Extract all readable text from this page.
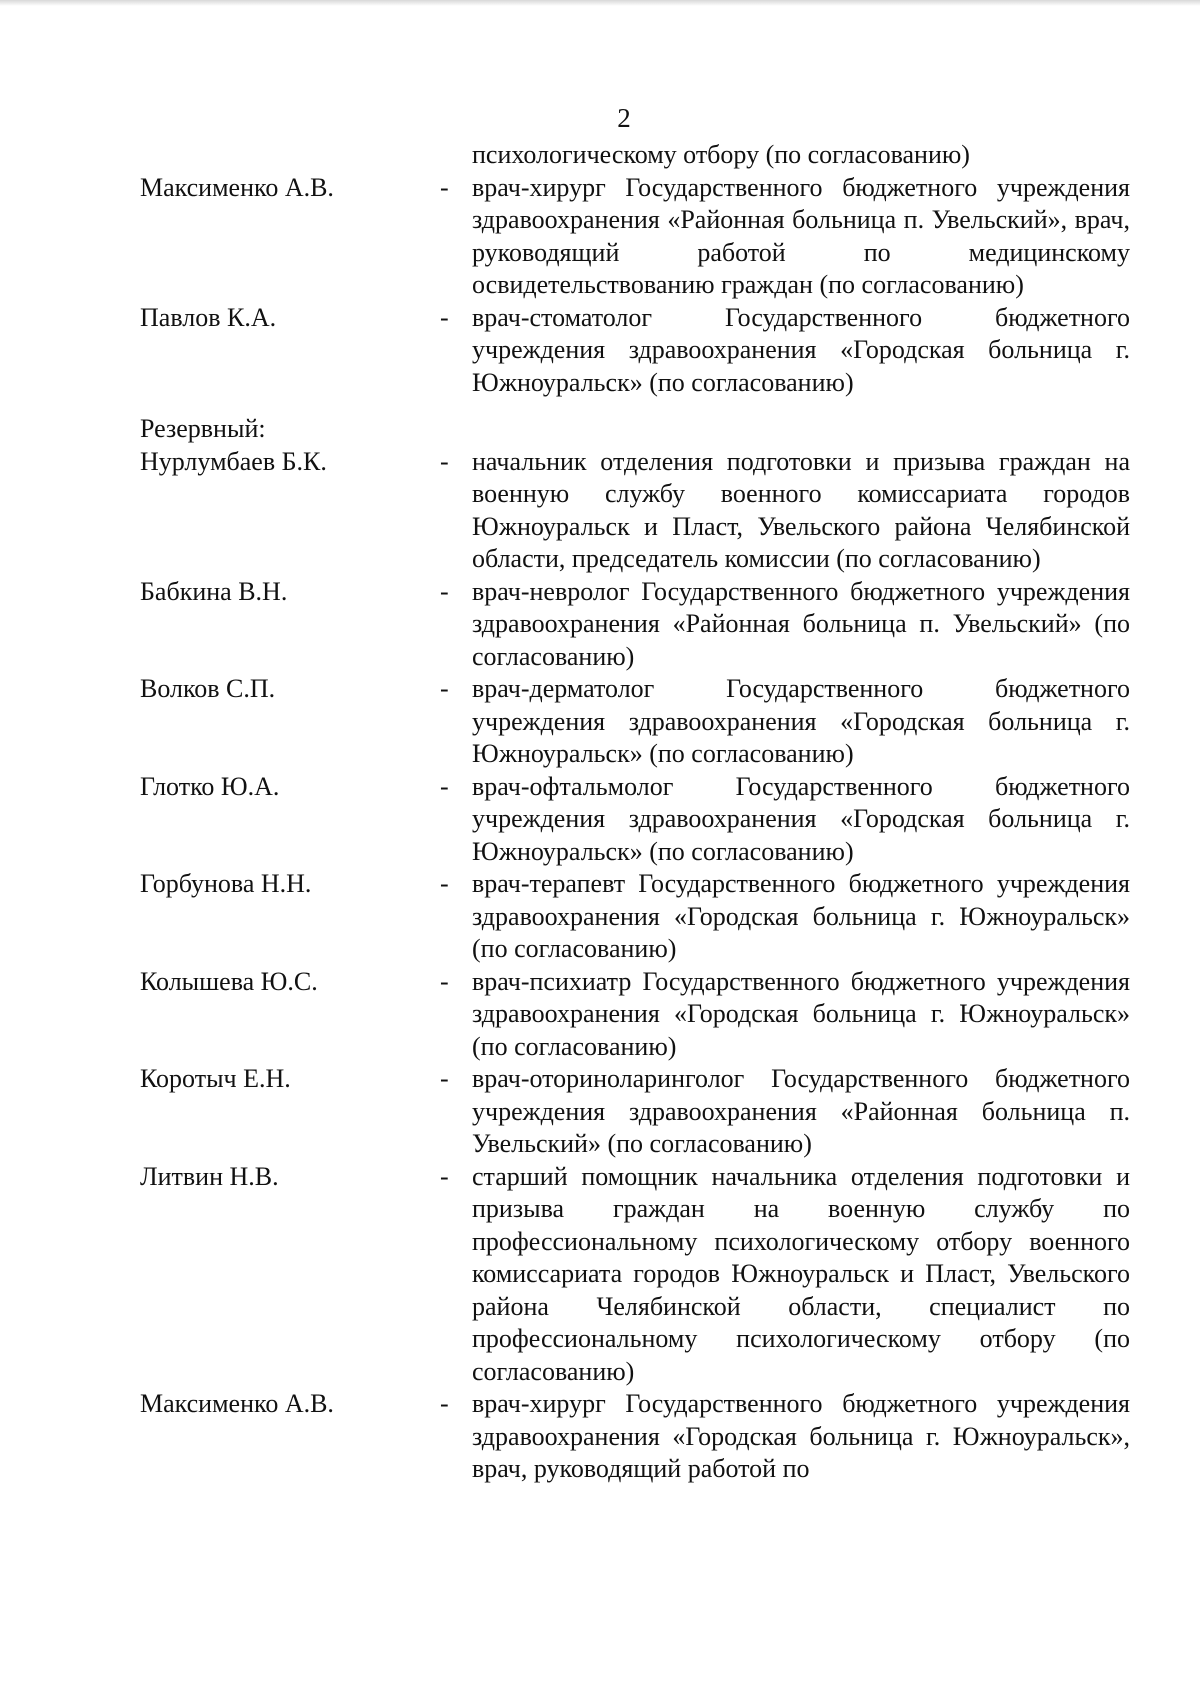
2
психологическому отбору (по согласованию)
Максименко А.В.	- врач-хирург Государственного бюджетного учреждения здравоохранения «Районная больница п. Увельский», врач, руководящий работой по медицинскому освидетельствованию граждан (по согласованию)
Павлов К.А.	- врач-стоматолог Государственного бюджетного учреждения здравоохранения «Городская больница г. Южноуральск» (по согласованию)
Резервный:
Нурлумбаев Б.К.	- начальник отделения подготовки и призыва граждан на военную службу военного комиссариата городов Южноуральск и Пласт, Увельского района Челябинской области, председатель комиссии (по согласованию)
Бабкина В.Н.	- врач-невролог Государственного бюджетного учреждения здравоохранения «Районная больница п. Увельский» (по согласованию)
Волков С.П.	- врач-дерматолог Государственного бюджетного учреждения здравоохранения «Городская больница г. Южноуральск» (по согласованию)
Глотко Ю.А.	- врач-офтальмолог Государственного бюджетного учреждения здравоохранения «Городская больница г. Южноуральск» (по согласованию)
Горбунова Н.Н.	- врач-терапевт Государственного бюджетного учреждения здравоохранения «Городская больница г. Южноуральск» (по согласованию)
Колышева Ю.С.	- врач-психиатр Государственного бюджетного учреждения здравоохранения «Городская больница г. Южноуральск» (по согласованию)
Коротыч Е.Н.	- врач-оториноларинголог Государственного бюджетного учреждения здравоохранения «Районная больница п. Увельский» (по согласованию)
Литвин Н.В.	- старший помощник начальника отделения подготовки и призыва граждан на военную службу по профессиональному психологическому отбору военного комиссариата городов Южноуральск и Пласт, Увельского района Челябинской области, специалист по профессиональному психологическому отбору (по согласованию)
Максименко А.В.	- врач-хирург Государственного бюджетного учреждения здравоохранения «Городская больница г. Южноуральск», врач, руководящий работой по
